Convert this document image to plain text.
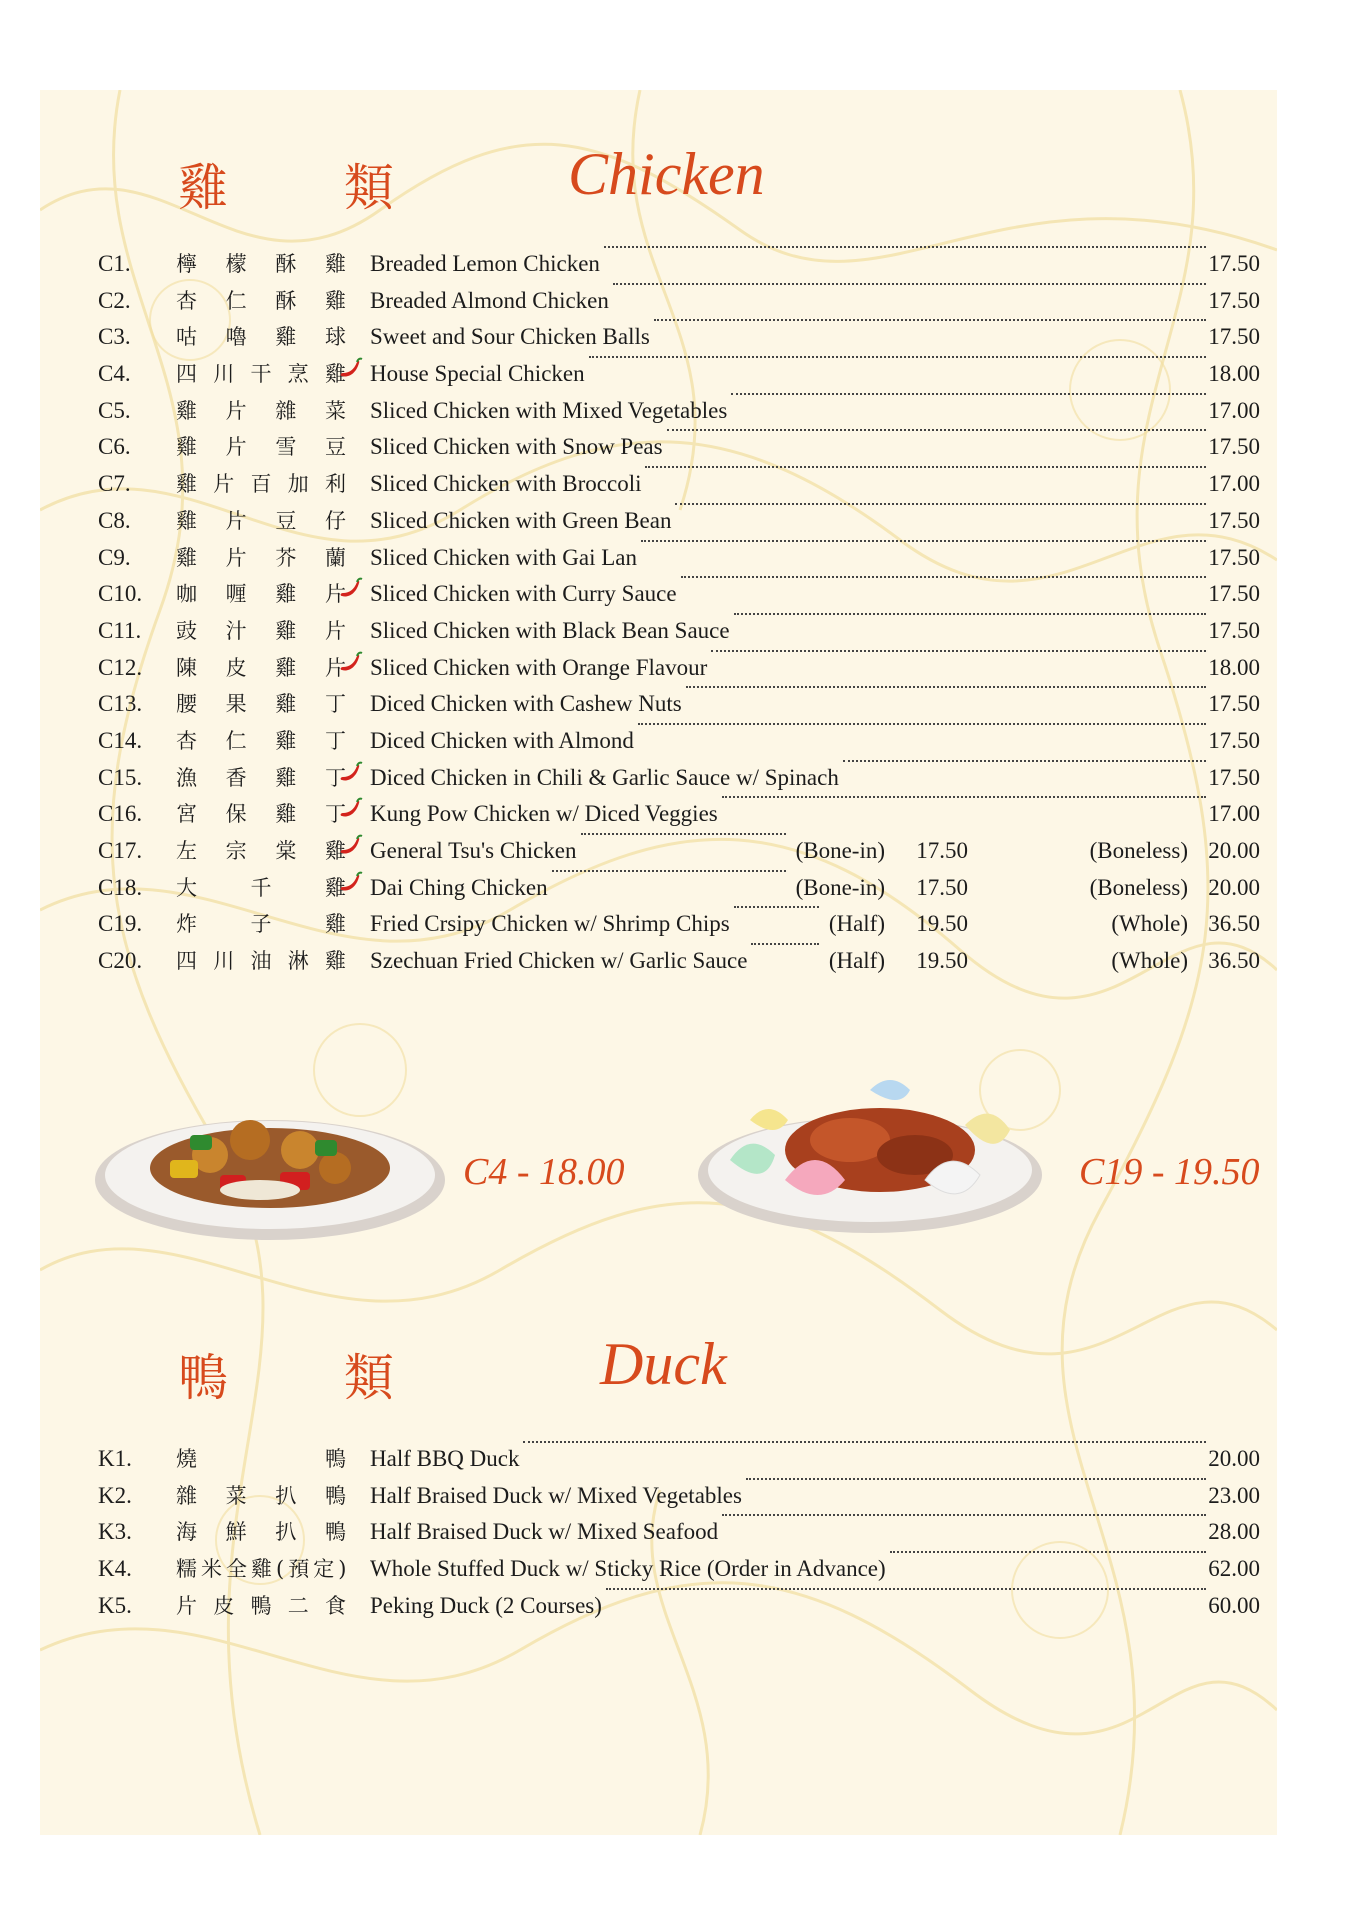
雞 類 Chicken
C1.	檸 檬 酥 雞 Breaded Lemon Chicken	17.50
C2.	杏 仁 酥 雞 Breaded Almond Chicken	17.50
C3.	咕 嚕 雞 球 Sweet and Sour Chicken Balls	17.50
C4.	四 川 干 烹 雞 House Special Chicken	18.00
C5.	雞 片 雜 菜 Sliced Chicken with Mixed Vegetables	17.00
C6.	雞 片 雪 豆 Sliced Chicken with Snow Peas	17.50
C7.	雞 片 百 加 利 Sliced Chicken with Broccoli	17.00
C8.	雞 片 豆 仔 Sliced Chicken with Green Bean	17.50
C9.	雞 片 芥 蘭 Sliced Chicken with Gai Lan	17.50
C10.	咖 喱 雞 片 Sliced Chicken with Curry Sauce	17.50
C11.	豉 汁 雞 片 Sliced Chicken with Black Bean Sauce	17.50
C12.	陳 皮 雞 片 Sliced Chicken with Orange Flavour	18.00
C13.	腰 果 雞 丁 Diced Chicken with Cashew Nuts	17.50
C14.	杏 仁 雞 丁 Diced Chicken with Almond	17.50
C15.	漁 香 雞 丁 Diced Chicken in Chili & Garlic Sauce w/ Spinach	17.50
C16.	宮 保 雞 丁 Kung Pow Chicken w/ Diced Veggies	17.00
C17.	左 宗 棠 雞 General Tsu's Chicken	(Bone-in) 17.50	(Boneless) 20.00
C18.	大	千	雞 Dai Ching Chicken	(Bone-in) 17.50	(Boneless) 20.00
C19.	炸	子	雞 Fried Crsipy Chicken w/ Shrimp Chips	(Half) 19.50	(Whole) 36.50
C20.	四 川 油 淋 雞 Szechuan Fried Chicken w/ Garlic Sauce	(Half) 19.50	(Whole) 36.50
C4 - 18.00	C19 - 19.50
鴨 類	Duck
K1.	燒	鴨 Half BBQ Duck	20.00
K2.	雜 菜 扒 鴨 Half Braised Duck w/ Mixed Vegetables	23.00
K3.	海 鮮 扒 鴨 Half Braised Duck w/ Mixed Seafood	28.00
K4.	糯米全雞(預定) Whole Stuffed Duck w/ Sticky Rice (Order in Advance)	62.00
K5.	片 皮 鴨 二 食 Peking Duck (2 Courses)	60.00
